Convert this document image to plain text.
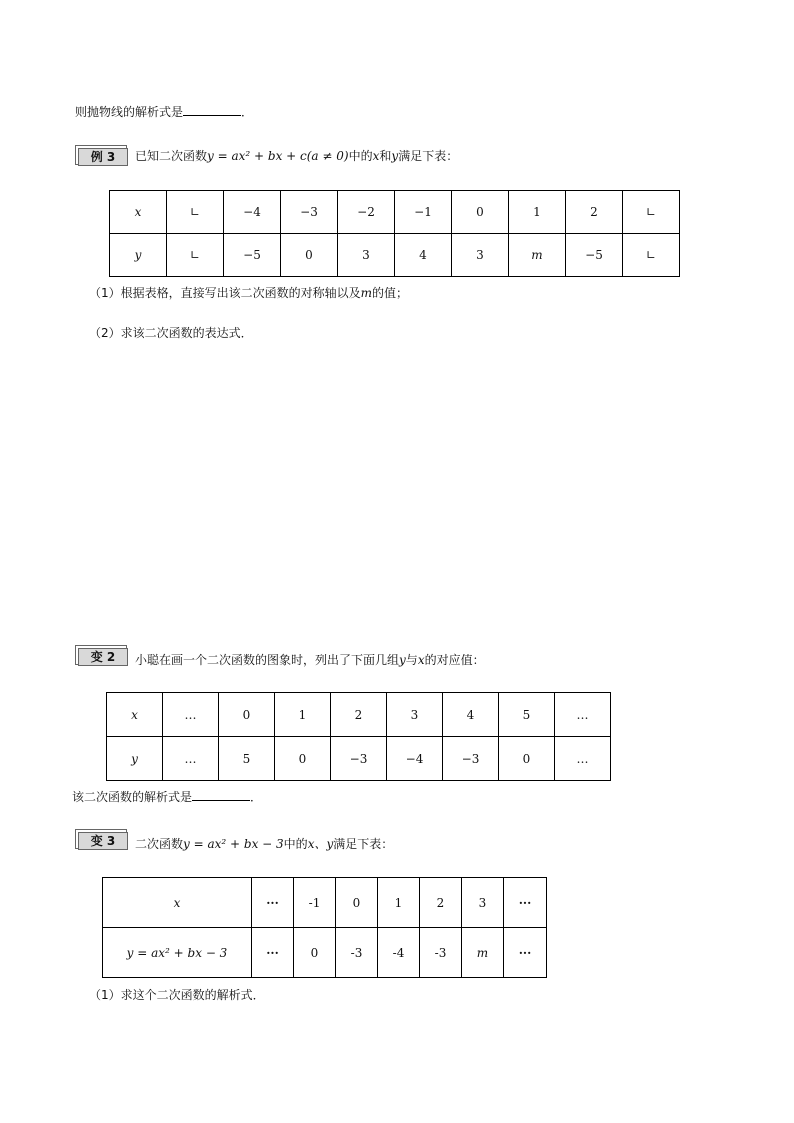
则抛物线的解析式是	．
例 3	已知二次函数y = ax² + bx + c(a ≠ 0)中的x和y满足下表：
x	∟	−4	−3	−2	−1	0	1	2	∟
y	∟	−5	0	3	4	3	m	−5	∟
（1）根据表格，直接写出该二次函数的对称轴以及m的值；
（2）求该二次函数的表达式．
变 2	小聪在画一个二次函数的图象时，列出了下面几组y与x的对应值：
x	…	0	1	2	3	4	5	…
y	…	5	0	−3	−4	−3	0	…
该二次函数的解析式是	．
变 3	二次函数y = ax² + bx − 3中的x、y满足下表：
x	···	-1	0	1	2	3	···
y = ax² + bx − 3	···	0	-3	-4	-3	m	···
（1）求这个二次函数的解析式．
